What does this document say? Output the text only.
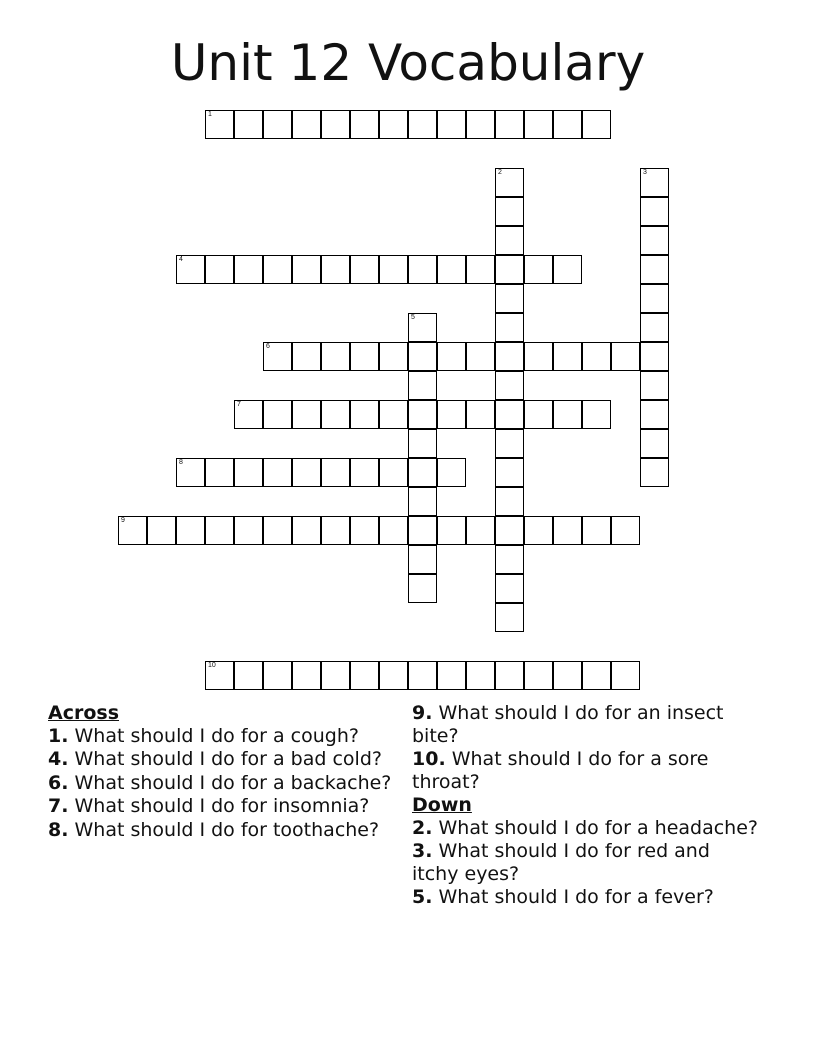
Unit 12 Vocabulary
1
2	3
4
5
6
7
8
9
10
Across
1. What should I do for a cough?
4. What should I do for a bad cold?
6. What should I do for a backache?
7. What should I do for insomnia?
8. What should I do for toothache?
9. What should I do for an insect bite?
10. What should I do for a sore throat?
Down
2. What should I do for a headache?
3. What should I do for red and itchy eyes?
5. What should I do for a fever?
